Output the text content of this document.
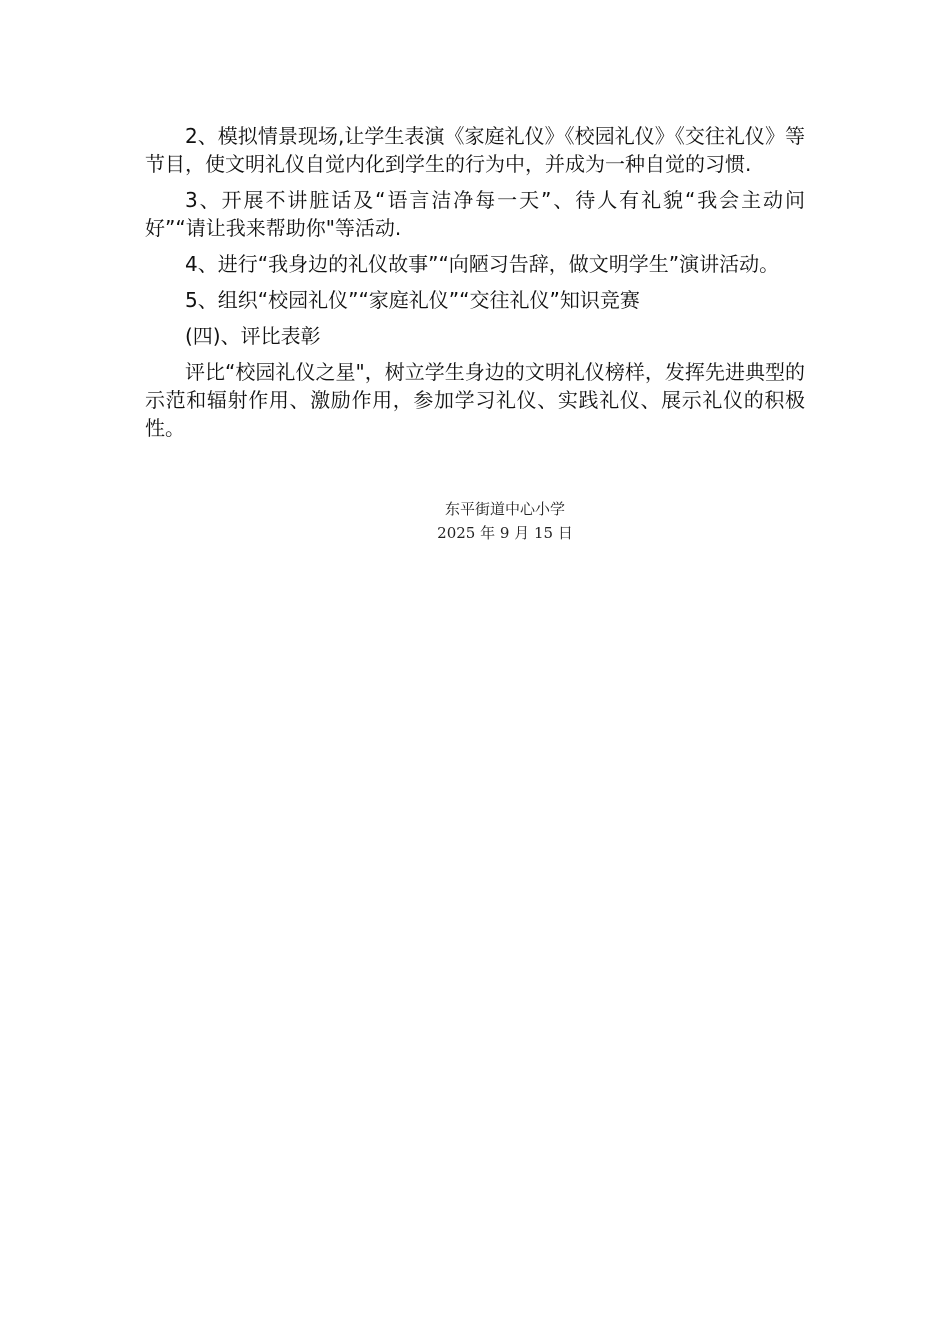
2、模拟情景现场,让学生表演《家庭礼仪》《校园礼仪》《交往礼仪》等节目，使文明礼仪自觉内化到学生的行为中，并成为一种自觉的习惯.

3、开展不讲脏话及“语言洁净每一天”、待人有礼貌“我会主动问好”“请让我来帮助你"等活动.

4、进行“我身边的礼仪故事”“向陋习告辞，做文明学生”演讲活动。

5、组织“校园礼仪”“家庭礼仪”“交往礼仪”知识竞赛

(四)、评比表彰

评比“校园礼仪之星"，树立学生身边的文明礼仪榜样，发挥先进典型的示范和辐射作用、激励作用，参加学习礼仪、实践礼仪、展示礼仪的积极性。

东平街道中心小学
2025 年 9 月 15 日
